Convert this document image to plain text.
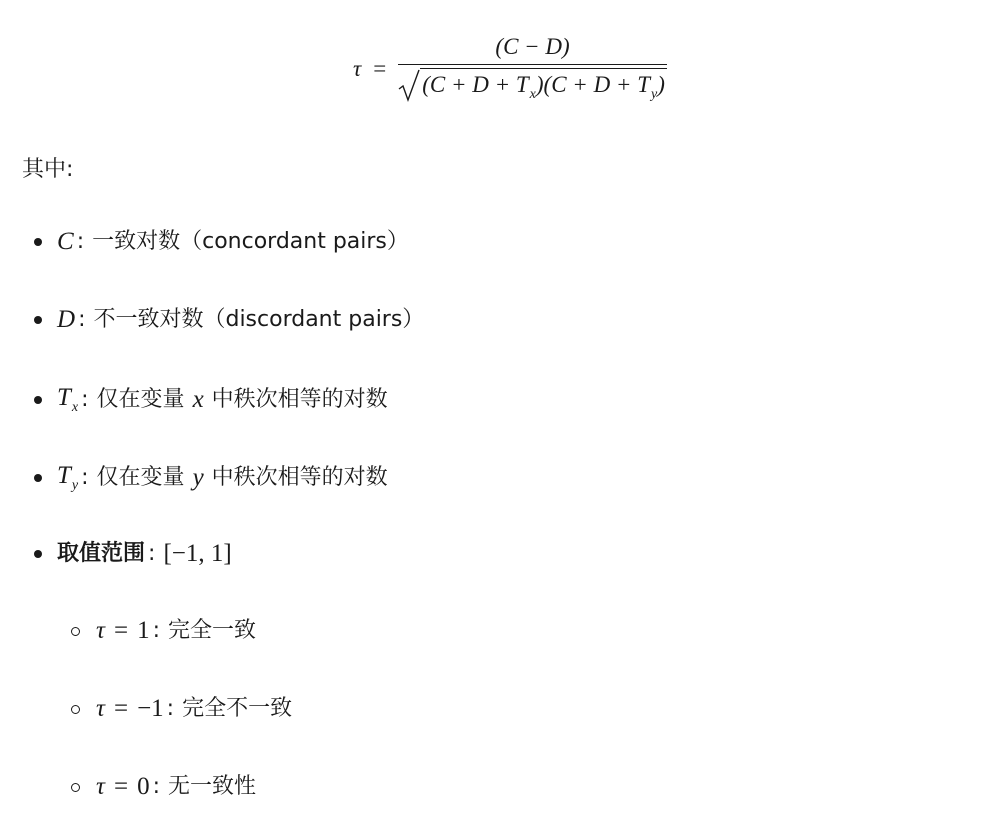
$\tau = \frac{(C - D)}{(C + D + T_x)(C + D + T_y)}$
其中:
C : 一致对数（concordant pairs）
D : 不一致对数（discordant pairs）
$T_x$ : 仅在变量 x 中秩次相等的对数
$T_y$ : 仅在变量 y 中秩次相等的对数
取值范围 : [−1, 1]
τ = 1 : 完全一致
τ = −1 : 完全不一致
τ = 0 : 无一致性
